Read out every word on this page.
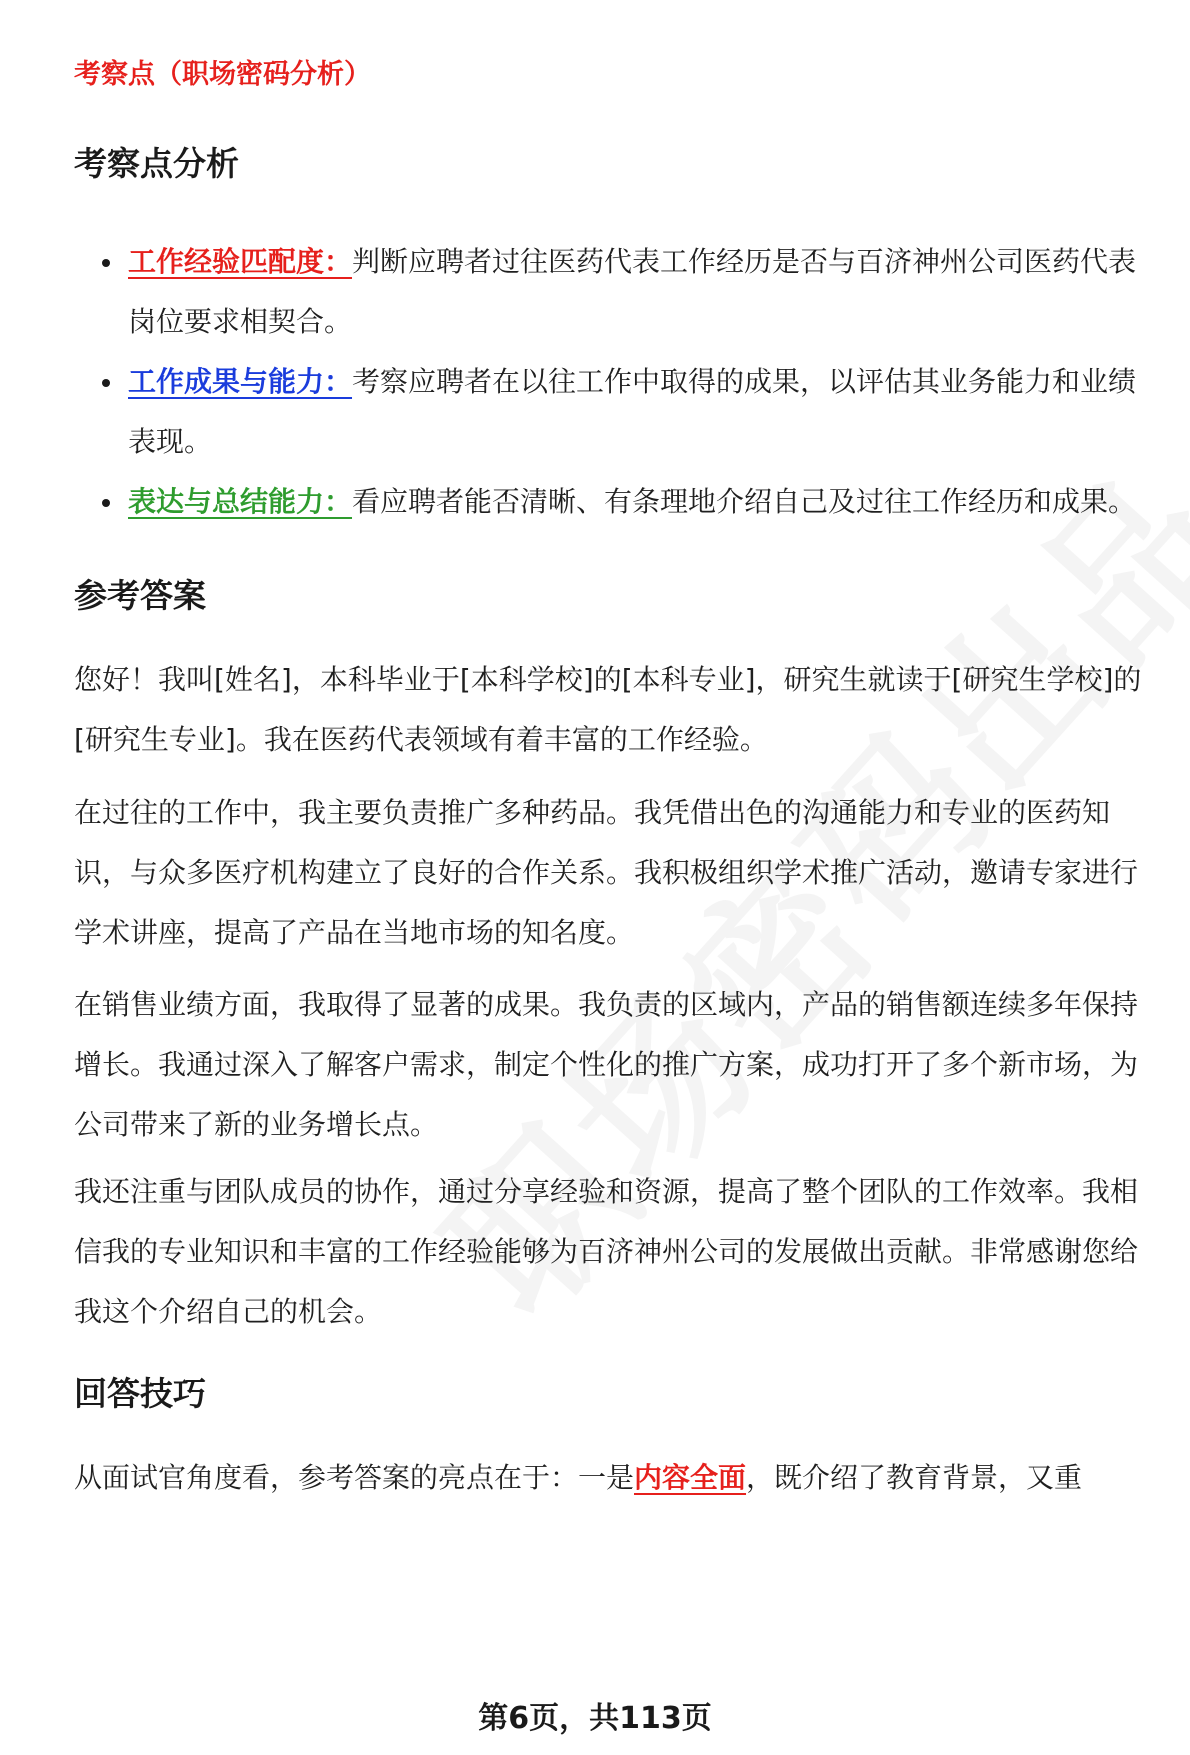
考察点（职场密码分析）
考察点分析
工作经验匹配度：判断应聘者过往医药代表工作经历是否与百济神州公司医药代表岗位要求相契合。
工作成果与能力：考察应聘者在以往工作中取得的成果，以评估其业务能力和业绩表现。
表达与总结能力：看应聘者能否清晰、有条理地介绍自己及过往工作经历和成果。
参考答案

您好！我叫[姓名]，本科毕业于[本科学校]的[本科专业]，研究生就读于[研究生学校]的[研究生专业]。我在医药代表领域有着丰富的工作经验。

在过往的工作中，我主要负责推广多种药品。我凭借出色的沟通能力和专业的医药知识，与众多医疗机构建立了良好的合作关系。我积极组织学术推广活动，邀请专家进行学术讲座，提高了产品在当地市场的知名度。

在销售业绩方面，我取得了显著的成果。我负责的区域内，产品的销售额连续多年保持增长。我通过深入了解客户需求，制定个性化的推广方案，成功打开了多个新市场，为公司带来了新的业务增长点。

我还注重与团队成员的协作，通过分享经验和资源，提高了整个团队的工作效率。我相信我的专业知识和丰富的工作经验能够为百济神州公司的发展做出贡献。非常感谢您给我这个介绍自己的机会。

回答技巧

从面试官角度看，参考答案的亮点在于：一是内容全面，既介绍了教育背景，又重

第6页，共113页
